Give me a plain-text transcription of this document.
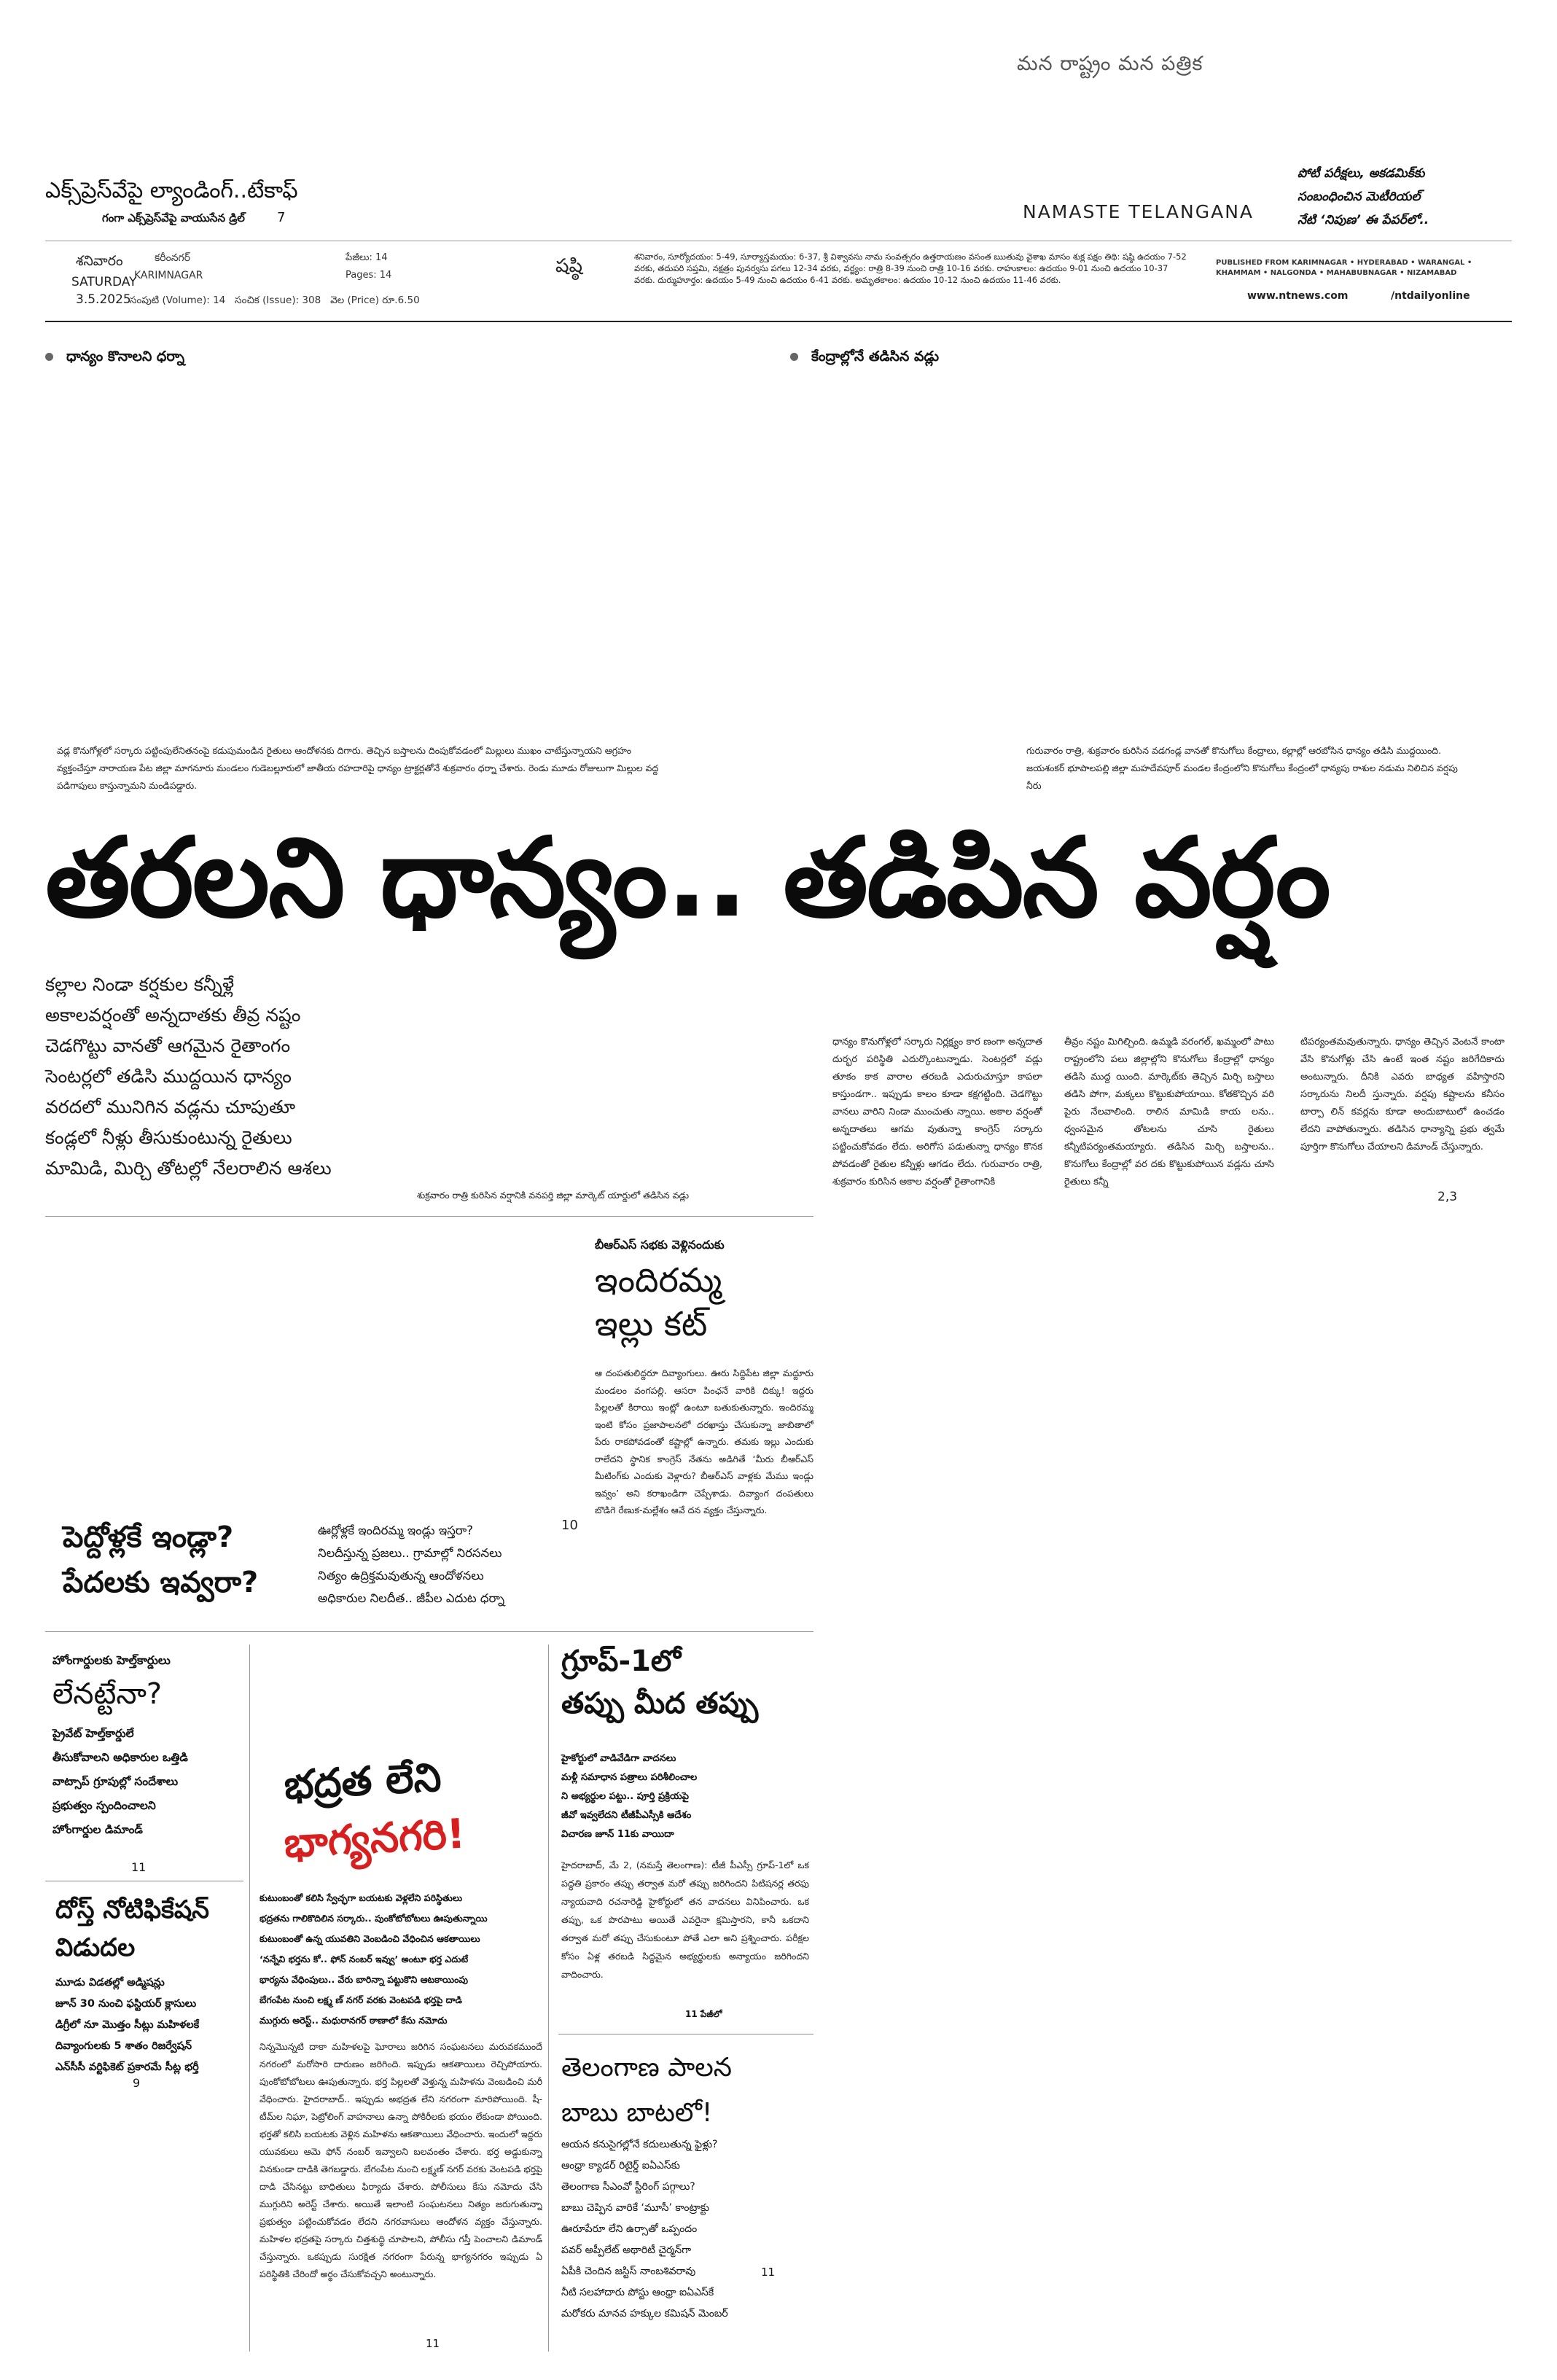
మన రాష్ట్రం మన పత్రిక
ఎక్స్‌ప్రెస్‌వేపై ల్యాండింగ్‌..టేకాఫ్
గంగా ఎక్స్‌ప్రెస్‌వేపై వాయుసేన డ్రిల్ 7	NAMASTE TELANGANA
పోటీ పరీక్షలు, అకడమిక్‌కు
సంబంధించిన మెటీరియల్
నేటి ‘నిపుణ’ ఈ పేపర్‌లో..
శనివారం
SATURDAY
3.5.2025
కరీంనగర్
KARIMNAGAR
పేజీలు: 14
Pages: 14
సంపుటి (Volume): 14   సంచిక (Issue): 308   వెల (Price) రూ.6.50
షష్ఠి	శనివారం, సూర్యోదయం: 5-49, సూర్యాస్తమయం: 6-37, శ్రీ విశ్వావసు నామ సంవత్సరం ఉత్తరాయణం వసంత ఋతువు వైశాఖ మాసం శుక్ల పక్షం తిథి: షష్ఠి ఉదయం 7-52 వరకు, తదుపరి సప్తమి, నక్షత్రం పునర్వసు పగలు 12-34 వరకు, వర్జ్యం: రాత్రి 8-39 నుంచి రాత్రి 10-16 వరకు. రాహుకాలం: ఉదయం 9-01 నుంచి ఉదయం 10-37 వరకు. దుర్ముహూర్తం: ఉదయం 5-49 నుంచి ఉదయం 6-41 వరకు. అమృతకాలం: ఉదయం 10-12 నుంచి ఉదయం 11-46 వరకు.
PUBLISHED FROM KARIMNAGAR • HYDERABAD • WARANGAL • KHAMMAM • NALGONDA • MAHABUBNAGAR • NIZAMABAD
www.ntnews.com	/ntdailyonline
ధాన్యం కొనాలని ధర్నా	కేంద్రాల్లోనే తడిసిన వడ్లు
వడ్ల కొనుగోళ్లలో సర్కారు పట్టింపులేనితనంపై కడుపుమండిన రైతులు ఆందోళనకు దిగారు. తెచ్చిన బస్తాలను దింపుకోవడంలో మిల్లులు ముఖం చాటేస్తున్నాయని ఆగ్రహం వ్యక్తంచేస్తూ నారాయణ పేట జిల్లా మాగనూరు మండలం గుడెబల్లూరులో జాతీయ రహదారిపై ధాన్యం ట్రాక్టర్లతోనే శుక్రవారం ధర్నా చేశారు. రెండు మూడు రోజులుగా మిల్లుల వద్ద పడిగాపులు కాస్తున్నామని మండిపడ్డారు.
గురువారం రాత్రి, శుక్రవారం కురిసిన వడగండ్ల వానతో కొనుగోలు కేంద్రాలు, కల్లాల్లో ఆరబోసిన ధాన్యం తడిసి ముద్దయింది. జయశంకర్ భూపాలపల్లి జిల్లా మహదేవపూర్ మండల కేంద్రంలోని కొనుగోలు కేంద్రంలో ధాన్యపు రాశుల నడుమ నిలిచిన వర్షపు నీరు
తరలని ధాన్యం.. తడిపిన వర్షం
కల్లాల నిండా కర్షకుల కన్నీళ్లే
అకాలవర్షంతో అన్నదాతకు తీవ్ర నష్టం
చెడగొట్టు వానతో ఆగమైన రైతాంగం
సెంటర్లలో తడిసి ముద్దయిన ధాన్యం
వరదలో మునిగిన వడ్లను చూపుతూ
కండ్లలో నీళ్లు తీసుకుంటున్న రైతులు
మామిడి, మిర్చి తోటల్లో నేలరాలిన ఆశలు
శుక్రవారం రాత్రి కురిసిన వర్షానికి వనపర్తి జిల్లా మార్కెట్ యార్డులో తడిసిన వడ్లు
ధాన్యం కొనుగోళ్లలో సర్కారు నిర్లక్ష్యం కార ణంగా అన్నదాత దుర్భర పరిస్థితి ఎదుర్కొంటున్నాడు. సెంటర్లలో వడ్లు తూకం కాక వారాల తరబడి ఎదురుచూస్తూ కాపలా కాస్తుండగా.. ఇప్పుడు కాలం కూడా కక్షగట్టింది. చెడగొట్టు వానలు వారిని నిండా ముంచుతు న్నాయి. అకాల వర్షంతో అన్నదాతలు ఆగమ వుతున్నా కాంగ్రెస్ సర్కారు పట్టించుకోవడం లేదు. అరిగోస పడుతున్నా ధాన్యం కొనక పోవడంతో రైతుల కన్నీళ్లు ఆగడం లేదు. గురువారం రాత్రి, శుక్రవారం కురిసిన అకాల వర్షంతో రైతాంగానికి
తీవ్రం నష్టం మిగిల్చింది. ఉమ్మడి వరంగల్, ఖమ్మంలో పాటు రాష్ట్రంలోని పలు జిల్లాల్లోని కొనుగోలు కేంద్రాల్లో ధాన్యం తడిసి ముద్ద యింది. మార్కెట్‌కు తెచ్చిన మిర్చి బస్తాలు తడిసి పోగా, మక్కలు కొట్టుకుపోయాయి. కోతకొచ్చిన వరి పైరు నేలవాలింది. రాలిన మామిడి కాయ లను.. ధ్వంసమైన తోటలను చూసి రైతులు కన్నీటిపర్యంతమయ్యారు. తడిసిన మిర్చి బస్తాలను.. కొనుగోలు కేంద్రాల్లో వర దకు కొట్టుకుపోయిన వడ్లను చూసి రైతులు కన్నీ
టిపర్యంతమవుతున్నారు. ధాన్యం తెచ్చిన వెంటనే కాంటా వేసి కొనుగోళ్లు చేసి ఉంటే ఇంత నష్టం జరిగేదికాదు అంటున్నారు. దీనికి ఎవరు బాధ్యత వహిస్తారని సర్కారును నిలదీ స్తున్నారు. వర్షపు కష్టాలను కనీసం టార్పా లిన్ కవర్లను కూడా అందుబాటులో ఉంచడం లేదని వాపోతున్నారు. తడిసిన ధాన్యాన్ని ప్రభు త్వమే పూర్తిగా కొనుగోలు చేయాలని డిమాండ్ చేస్తున్నారు.
2,3
పెద్దోళ్లకే ఇండ్లా?
పేదలకు ఇవ్వరా?
ఊర్లోళ్లకే ఇందిరమ్మ ఇండ్లు ఇస్తరా?
నిలదీస్తున్న ప్రజలు.. గ్రామాల్లో నిరసనలు
నిత్యం ఉద్రిక్తమవుతున్న ఆందోళనలు
అధికారుల నిలదీత.. జీపీల ఎదుట ధర్నా
10
హోంగార్డులకు హెల్త్‌కార్డులు
లేనట్టేనా?
ప్రైవేట్ హెల్త్‌కార్డులే
తీసుకోవాలని అధికారుల ఒత్తిడి
వాట్సాప్ గ్రూపుల్లో సందేశాలు
ప్రభుత్వం స్పందించాలని
హోంగార్డుల డిమాండ్
11
దోస్త్ నోటిఫికేషన్
విడుదల
మూడు విడతల్లో అడ్మిషన్లు
జూన్ 30 నుంచి ఫస్టియర్ క్లాసులు
డిగ్రీలో నూ మొత్తం సీట్లు మహిళలకే
దివ్యాంగులకు 5 శాతం రిజర్వేషన్
ఎన్‌సీసీ వర్టిఫికెట్ ప్రకారమే సీట్ల భర్తీ
9
భద్రత లేని
భాగ్యనగరి!
కుటుంబంతో కలిసి స్వేచ్ఛగా బయటకు వెళ్లలేని పరిస్థితులు
భద్రతను గాలికొదిలిన సర్కారు.. పుంకోటోబోటలు ఊపుతున్నాయి
కుటుంబంతో ఉన్న యువతిని వెంబడించి వేధించిన ఆకతాయిలు
‘నన్నేవి భర్తను కో.. ఫోన్ నంబర్ ఇవ్వు’ అంటూ భర్త ఎదుటే
భార్యను వేధింపులు.. వేరు బారిన్నా పట్టుకొని ఆటకాయింపు
బేగంపేట నుంచి లక్ష్మ ణ్ నగర్ వరకు వెంటపడి భర్తపై దాడి
ముగ్గురు అరెస్ట్.. మధురానగర్ ఠాణాలో కేసు నమోదు
నిన్నమొన్నటి దాకా మహిళలపై ఘోరాలు జరిగిన సంఘటనలు మరువకముందే నగరంలో మరోసారి దారుణం జరిగింది. ఇప్పుడు ఆకతాయిలు రెచ్చిపోయారు. పుంకోటోబోటలు ఊపుతున్నారు. భర్త పిల్లలతో వెళ్తున్న మహిళను వెంబడించి మరీ వేధించారు. హైదరాబాద్.. ఇప్పుడు అభద్రత లేని నగరంగా మారిపోయింది. షీ-టీమ్‌ల నిఘా, పెట్రోలింగ్ వాహనాలు ఉన్నా పోకిరీలకు భయం లేకుండా పోయింది. భర్తతో కలిసి బయటకు వెళ్లిన మహిళను ఆకతాయిలు వేధించారు. ఇందులో ఇద్దరు యువకులు ఆమె ఫోన్ నంబర్ ఇవ్వాలని బలవంతం చేశారు. భర్త అడ్డుకున్నా వినకుండా దాడికి తెగబడ్డారు. బేగంపేట నుంచి లక్ష్మణ్ నగర్ వరకు వెంటపడి భర్తపై దాడి చేసినట్టు బాధితులు ఫిర్యాదు చేశారు. పోలీసులు కేసు నమోదు చేసి ముగ్గురిని అరెస్ట్ చేశారు. అయితే ఇలాంటి సంఘటనలు నిత్యం జరుగుతున్నా ప్రభుత్వం పట్టించుకోవడం లేదని నగరవాసులు ఆందోళన వ్యక్తం చేస్తున్నారు. మహిళల భద్రతపై సర్కారు చిత్తశుద్ధి చూపాలని, పోలీసు గస్తీ పెంచాలని డిమాండ్ చేస్తున్నారు. ఒకప్పుడు సురక్షిత నగరంగా పేరున్న భాగ్యనగరం ఇప్పుడు ఏ పరిస్థితికి చేరిందో అర్థం చేసుకోవచ్చని అంటున్నారు.
11
బీఆర్ఎస్ సభకు వెళ్లినందుకు
ఇందిరమ్మ
ఇల్లు కట్
ఆ దంపతులిద్దరూ దివ్యాంగులు. ఊరు సిద్దిపేట జిల్లా మద్దూరు మండలం వంగపల్లి. ఆసరా పింఛనే వారికి దిక్కు! ఇద్దరు పిల్లలతో కిరాయి ఇంట్లో ఉంటూ బతుకుతున్నారు. ఇందిరమ్మ ఇంటి కోసం ప్రజాపాలనలో దరఖాస్తు చేసుకున్నా జాబితాలో పేరు రాకపోవడంతో కష్టాల్లో ఉన్నారు. తమకు ఇల్లు ఎందుకు రాలేదని స్థానిక కాంగ్రెస్ నేతను అడిగితే ‘మీరు బీఆర్ఎస్ మీటింగ్‌కు ఎందుకు వెళ్లారు? బీఆర్ఎస్ వాళ్లకు మేము ఇండ్లు ఇవ్వం’ అని కరాఖండిగా చెప్పేశాడు. దివ్యాంగ దంపతులు బొడిగె రేణుక-మల్లేశం ఆవే దన వ్యక్తం చేస్తున్నారు.
గ్రూప్-1లో
తప్పు మీద తప్పు
హైకోర్టులో వాడివేడిగా వాదనలు
మళ్లీ సమాధాన పత్రాలు పరిశీలించాల
ని అభ్యర్థుల పట్టు.. పూర్తి ప్రక్రియపై
జీవో ఇవ్వలేదని టీజీపీఎస్సీకి ఆదేశం
విచారణ జూన్ 11కు వాయిదా
హైదరాబాద్, మే 2, (నమస్తే తెలంగాణ): టీజీ పీఎస్సీ గ్రూప్-1లో ఒక పద్ధతి ప్రకారం తప్పు తర్వాత మరో తప్పు జరిగిందని పిటిషనర్ల తరఫు న్యాయవాది రచనారెడ్డి హైకోర్టులో తన వాదనలు వినిపించారు. ఒక తప్పు, ఒక పొరపాటు అయితే ఎవరైనా క్షమిస్తారని, కానీ ఒకదాని తర్వాత మరో తప్పు చేసుకుంటూ పోతే ఎలా అని ప్రశ్నించారు. పరీక్షల కోసం ఏళ్ల తరబడి సిద్ధమైన అభ్యర్థులకు అన్యాయం జరిగిందని వాదించారు.
11 పేజీలో
తెలంగాణ పాలన
బాబు బాటలో!
ఆయన కనుసైగల్లోనే కదులుతున్న ఫైళ్లు?
ఆంధ్రా క్యాడర్ రిటైర్డ్ ఐఏఎస్‌కు
తెలంగాణ సీఎంవో స్టీరింగ్ పగ్గాలు?
బాబు చెప్పిన వారికే ‘మూసీ’ కాంట్రాక్టు
ఊరూపేరూ లేని ఉర్సాతో ఒప్పందం
పవర్ అప్పీలేట్ అథారిటీ చైర్మన్‌గా
ఏపీకి చెందిన జస్టిస్ నాంబశివరావు
నీటి సలహాదారు పోస్టు ఆంధ్రా ఐఏఎస్‌కే
మరోకరు మానవ హక్కుల కమిషన్ మెంబర్
11
